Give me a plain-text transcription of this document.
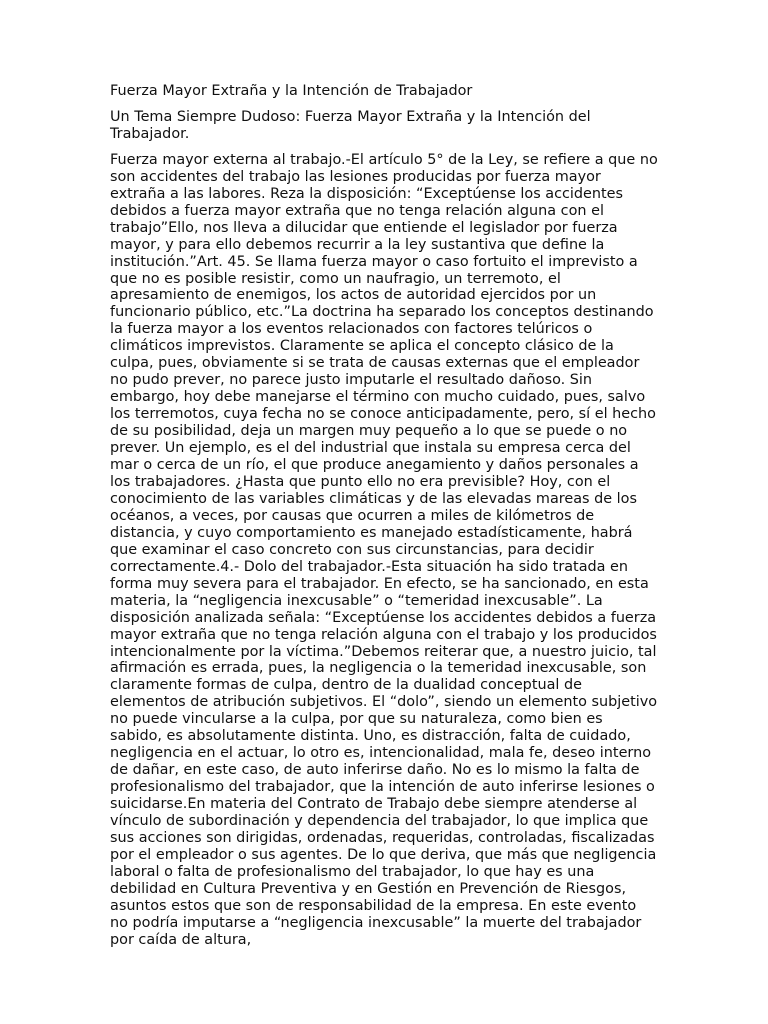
Fuerza Mayor Extraña y la Intención de Trabajador

Un Tema Siempre Dudoso: Fuerza Mayor Extraña y la Intención del Trabajador.

Fuerza mayor externa al trabajo.-El artículo 5° de la Ley, se refiere a que no son accidentes del trabajo las lesiones producidas por fuerza mayor extraña a las labores. Reza la disposición: “Exceptúense los accidentes debidos a fuerza mayor extraña que no tenga relación alguna con el trabajo”Ello, nos lleva a dilucidar que entiende el legislador por fuerza mayor, y para ello debemos recurrir a la ley sustantiva que define la institución.”Art. 45. Se llama fuerza mayor o caso fortuito el imprevisto a que no es posible resistir, como un naufragio, un terremoto, el apresamiento de enemigos, los actos de autoridad ejercidos por un funcionario público, etc.”La doctrina ha separado los conceptos destinando la fuerza mayor a los eventos relacionados con factores telúricos o climáticos imprevistos. Claramente se aplica el concepto clásico de la culpa, pues, obviamente si se trata de causas externas que el empleador no pudo prever, no parece justo imputarle el resultado dañoso. Sin embargo, hoy debe manejarse el término con mucho cuidado, pues, salvo los terremotos, cuya fecha no se conoce anticipadamente, pero, sí el hecho de su posibilidad, deja un margen muy pequeño a lo que se puede o no prever. Un ejemplo, es el del industrial que instala su empresa cerca del mar o cerca de un río, el que produce anegamiento y daños personales a los trabajadores. ¿Hasta que punto ello no era previsible? Hoy, con el conocimiento de las variables climáticas y de las elevadas mareas de los océanos, a veces, por causas que ocurren a miles de kilómetros de distancia, y cuyo comportamiento es manejado estadísticamente, habrá que examinar el caso concreto con sus circunstancias, para decidir correctamente.4.- Dolo del trabajador.-Esta situación ha sido tratada en forma muy severa para el trabajador. En efecto, se ha sancionado, en esta materia, la “negligencia inexcusable” o “temeridad inexcusable”. La disposición analizada señala: “Exceptúense los accidentes debidos a fuerza mayor extraña que no tenga relación alguna con el trabajo y los producidos intencionalmente por la víctima.”Debemos reiterar que, a nuestro juicio, tal afirmación es errada, pues, la negligencia o la temeridad inexcusable, son claramente formas de culpa, dentro de la dualidad conceptual de elementos de atribución subjetivos. El “dolo”, siendo un elemento subjetivo no puede vincularse a la culpa, por que su naturaleza, como bien es sabido, es absolutamente distinta. Uno, es distracción, falta de cuidado, negligencia en el actuar, lo otro es, intencionalidad, mala fe, deseo interno de dañar, en este caso, de auto inferirse daño. No es lo mismo la falta de profesionalismo del trabajador, que la intención de auto inferirse lesiones o suicidarse.En materia del Contrato de Trabajo debe siempre atenderse al vínculo de subordinación y dependencia del trabajador, lo que implica que sus acciones son dirigidas, ordenadas, requeridas, controladas, fiscalizadas por el empleador o sus agentes. De lo que deriva, que más que negligencia laboral o falta de profesionalismo del trabajador, lo que hay es una debilidad en Cultura Preventiva y en Gestión en Prevención de Riesgos, asuntos estos que son de responsabilidad de la empresa. En este evento no podría imputarse a “negligencia inexcusable” la muerte del trabajador por caída de altura,
